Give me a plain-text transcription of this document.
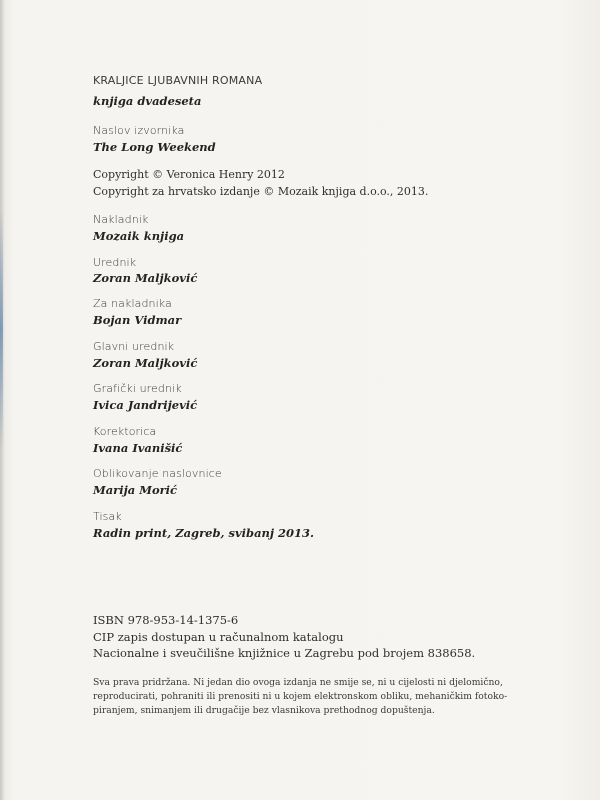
KRALJICE LJUBAVNIH ROMANA
knjiga dvadeseta
Naslov izvornika
The Long Weekend
Copyright © Veronica Henry 2012
Copyright za hrvatsko izdanje © Mozaik knjiga d.o.o., 2013.
Nakladnik
Mozaik knjiga
Urednik
Zoran Maljković
Za nakladnika
Bojan Vidmar
Glavni urednik
Zoran Maljković
Grafički urednik
Ivica Jandrijević
Korektorica
Ivana Ivanišić
Oblikovanje naslovnice
Marija Morić
Tisak
Radin print, Zagreb, svibanj 2013.
ISBN 978-953-14-1375-6
CIP zapis dostupan u računalnom katalogu
Nacionalne i sveučilišne knjižnice u Zagrebu pod brojem 838658.
Sva prava pridržana. Ni jedan dio ovoga izdanja ne smije se, ni u cijelosti ni djelomično,
reproducirati, pohraniti ili prenositi ni u kojem elektronskom obliku, mehaničkim fotoko-
piranjem, snimanjem ili drugačije bez vlasnikova prethodnog dopuštenja.
